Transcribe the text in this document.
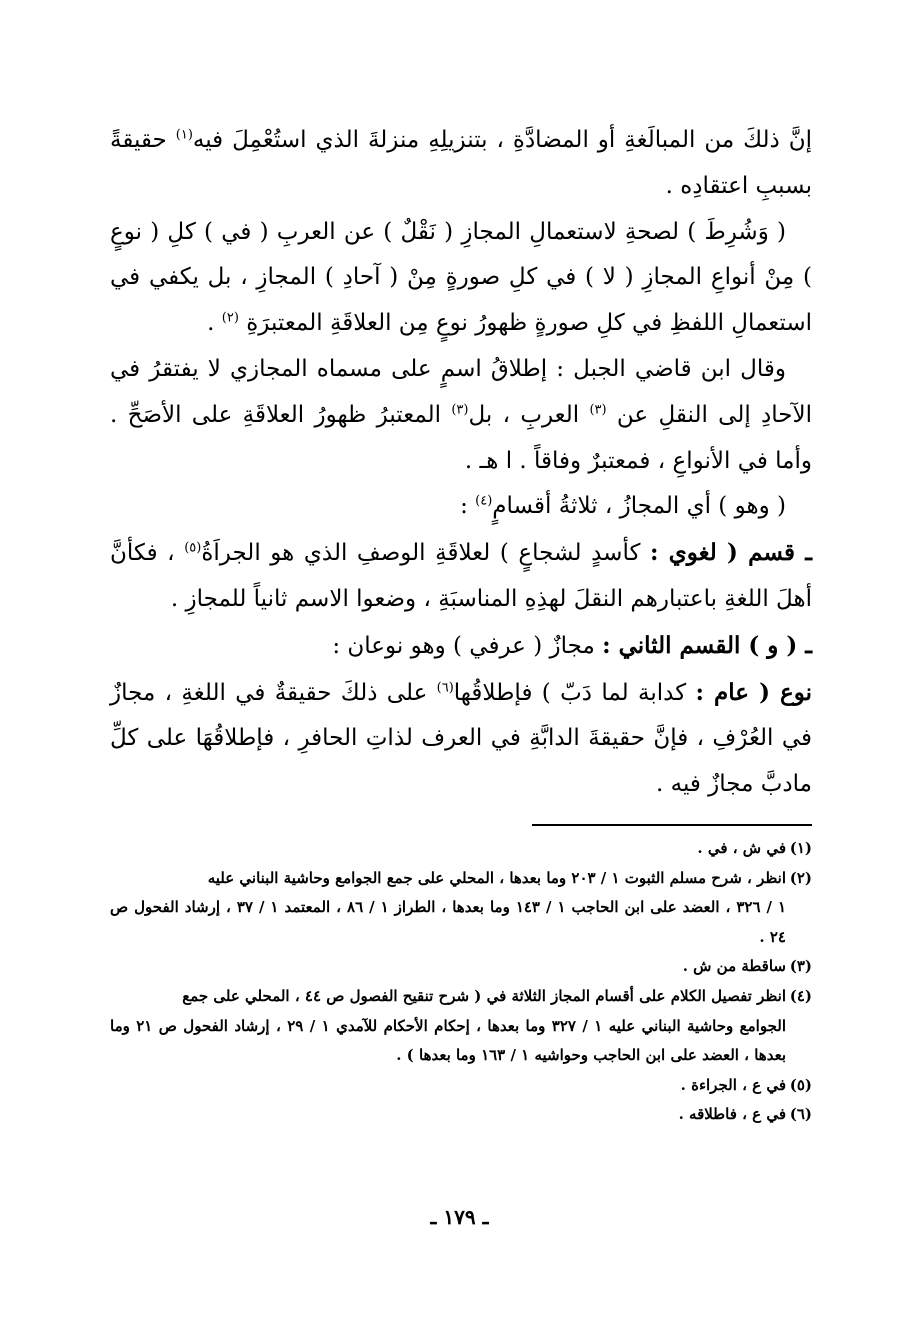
إنَّ ذلكَ من المبالَغةِ أو المضادَّةِ ، بتنزيلِهِ منزلةَ الذي استُعْمِلَ فيه$^{(١)}$ حقيقةً بسببِ اعتقادِه .

( وَشُرِطَ ) لصحةِ لاستعمالِ المجازِ ( نَقْلٌ ) عن العربِ ( في ) كلِ ( نوعٍ ) مِنْ أنواعِ المجازِ ( لا ) في كلِ صورةٍ مِنْ ( آحادِ ) المجازِ ، بل يكفي في استعمالِ اللفظِ في كلِ صورةٍ ظهورُ نوعٍ مِن العلاقَةِ المعتبرَةِ $^{(٢)}$ .

وقال ابن قاضي الجبل : إطلاقُ اسمٍ على مسماه المجازي لا يفتقرُ في الآحادِ إلى النقلِ عن $^{(٣)}$ العربِ ، بل$^{(٣)}$ المعتبرُ ظهورُ العلاقَةِ على الأصَحِّ . وأما في الأنواعِ ، فمعتبرٌ وفاقاً . ا هـ .

( وهو ) أي المجازُ ، ثلاثةُ أقسامٍ$^{(٤)}$ :

ـ قسم ( لغوي : كأسدٍ لشجاعٍ ) لعلاقَةِ الوصفِ الذي هو الجراَةُ$^{(٥)}$ ، فكأنَّ أهلَ اللغةِ باعتبارهم النقلَ لهذِهِ المناسبَةِ ، وضعوا الاسم ثانياً للمجازِ .

ـ ( و ) القسم الثاني : مجازٌ ( عرفي ) وهو نوعان :

نوع ( عام : كدابة لما دَبّ ) فإطلاقُها$^{(٦)}$ على ذلكَ حقيقةٌ في اللغةِ ، مجازٌ في العُرْفِ ، فإنَّ حقيقةَ الدابَّةِ في العرف لذاتِ الحافرِ ، فإطلاقُهَا على كلِّ مادبَّ مجازٌ فيه .

(١)في ش ، في .

(٢)انظر ، شرح مسلم الثبوت ١ / ٢٠٣ وما بعدها ، المحلي على جمع الجوامع وحاشية البناني عليه

١ / ٣٢٦ ، العضد على ابن الحاجب ١ / ١٤٣ وما بعدها ، الطراز ١ / ٨٦ ، المعتمد ١ / ٣٧ ، إرشاد الفحول ص ٢٤ .

(٣)ساقطة من ش .

(٤)انظر تفصيل الكلام على أقسام المجاز الثلاثة في ( شرح تنقيح الفصول ص ٤٤ ، المحلي على جمع

الجوامع وحاشية البناني عليه ١ / ٣٢٧ وما بعدها ، إحكام الأحكام للآمدي ١ / ٢٩ ، إرشاد الفحول ص ٢١ وما بعدها ، العضد على ابن الحاجب وحواشيه ١ / ١٦٣ وما بعدها ) .

(٥)في ع ، الجراءة .

(٦)في ع ، فاطلاقه .

ـ ١٧٩ ـ
